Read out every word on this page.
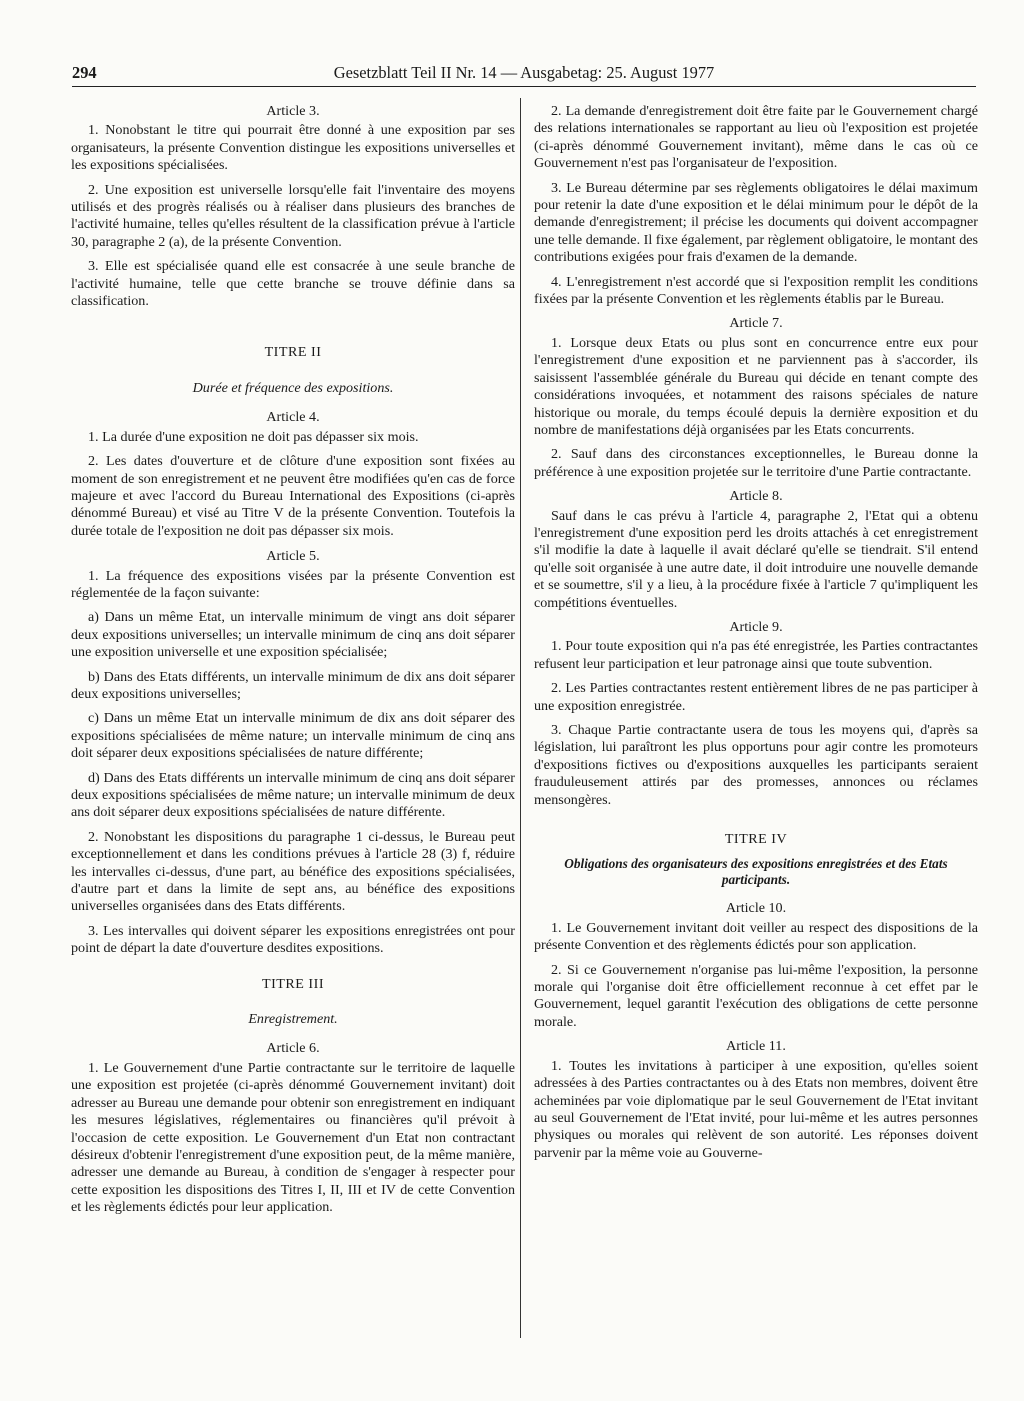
294	Gesetzblatt Teil II Nr. 14 — Ausgabetag: 25. August 1977
Article 3.

1. Nonobstant le titre qui pourrait être donné à une exposition par ses organisateurs, la présente Convention distingue les expositions universelles et les expositions spécialisées.

2. Une exposition est universelle lorsqu'elle fait l'inventaire des moyens utilisés et des progrès réalisés ou à réaliser dans plusieurs des branches de l'activité humaine, telles qu'elles résultent de la classification prévue à l'article 30, paragraphe 2 (a), de la présente Convention.

3. Elle est spécialisée quand elle est consacrée à une seule branche de l'activité humaine, telle que cette branche se trouve définie dans sa classification.

TITRE II
Durée et fréquence des expositions.
Article 4.

1. La durée d'une exposition ne doit pas dépasser six mois.

2. Les dates d'ouverture et de clôture d'une exposition sont fixées au moment de son enregistrement et ne peuvent être modifiées qu'en cas de force majeure et avec l'accord du Bureau International des Expositions (ci-après dénommé Bureau) et visé au Titre V de la présente Convention. Toutefois la durée totale de l'exposition ne doit pas dépasser six mois.

Article 5.

1. La fréquence des expositions visées par la présente Convention est réglementée de la façon suivante:

a) Dans un même Etat, un intervalle minimum de vingt ans doit séparer deux expositions universelles; un intervalle minimum de cinq ans doit séparer une exposition universelle et une exposition spécialisée;

b) Dans des Etats différents, un intervalle minimum de dix ans doit séparer deux expositions universelles;

c) Dans un même Etat un intervalle minimum de dix ans doit séparer des expositions spécialisées de même nature; un intervalle minimum de cinq ans doit séparer deux expositions spécialisées de nature différente;

d) Dans des Etats différents un intervalle minimum de cinq ans doit séparer deux expositions spécialisées de même nature; un intervalle minimum de deux ans doit séparer deux expositions spécialisées de nature différente.

2. Nonobstant les dispositions du paragraphe 1 ci-dessus, le Bureau peut exceptionnellement et dans les conditions prévues à l'article 28 (3) f, réduire les intervalles ci-dessus, d'une part, au bénéfice des expositions spécialisées, d'autre part et dans la limite de sept ans, au bénéfice des expositions universelles organisées dans des Etats différents.

3. Les intervalles qui doivent séparer les expositions enregistrées ont pour point de départ la date d'ouverture desdites expositions.

TITRE III
Enregistrement.
Article 6.

1. Le Gouvernement d'une Partie contractante sur le territoire de laquelle une exposition est projetée (ci-après dénommé Gouvernement invitant) doit adresser au Bureau une demande pour obtenir son enregistrement en indiquant les mesures législatives, réglementaires ou financières qu'il prévoit à l'occasion de cette exposition. Le Gouvernement d'un Etat non contractant désireux d'obtenir l'enregistrement d'une exposition peut, de la même manière, adresser une demande au Bureau, à condition de s'engager à respecter pour cette exposition les dispositions des Titres I, II, III et IV de cette Convention et les règlements édictés pour leur application.

2. La demande d'enregistrement doit être faite par le Gouvernement chargé des relations internationales se rapportant au lieu où l'exposition est projetée (ci-après dénommé Gouvernement invitant), même dans le cas où ce Gouvernement n'est pas l'organisateur de l'exposition.

3. Le Bureau détermine par ses règlements obligatoires le délai maximum pour retenir la date d'une exposition et le délai minimum pour le dépôt de la demande d'enregistrement; il précise les documents qui doivent accompagner une telle demande. Il fixe également, par règlement obligatoire, le montant des contributions exigées pour frais d'examen de la demande.

4. L'enregistrement n'est accordé que si l'exposition remplit les conditions fixées par la présente Convention et les règlements établis par le Bureau.

Article 7.

1. Lorsque deux Etats ou plus sont en concurrence entre eux pour l'enregistrement d'une exposition et ne parviennent pas à s'accorder, ils saisissent l'assemblée générale du Bureau qui décide en tenant compte des considérations invoquées, et notamment des raisons spéciales de nature historique ou morale, du temps écoulé depuis la dernière exposition et du nombre de manifestations déjà organisées par les Etats concurrents.

2. Sauf dans des circonstances exceptionnelles, le Bureau donne la préférence à une exposition projetée sur le territoire d'une Partie contractante.

Article 8.

Sauf dans le cas prévu à l'article 4, paragraphe 2, l'Etat qui a obtenu l'enregistrement d'une exposition perd les droits attachés à cet enregistrement s'il modifie la date à laquelle il avait déclaré qu'elle se tiendrait. S'il entend qu'elle soit organisée à une autre date, il doit introduire une nouvelle demande et se soumettre, s'il y a lieu, à la procédure fixée à l'article 7 qu'impliquent les compétitions éventuelles.

Article 9.

1. Pour toute exposition qui n'a pas été enregistrée, les Parties contractantes refusent leur participation et leur patronage ainsi que toute subvention.

2. Les Parties contractantes restent entièrement libres de ne pas participer à une exposition enregistrée.

3. Chaque Partie contractante usera de tous les moyens qui, d'après sa législation, lui paraîtront les plus opportuns pour agir contre les promoteurs d'expositions fictives ou d'expositions auxquelles les participants seraient frauduleusement attirés par des promesses, annonces ou réclames mensongères.

TITRE IV
Obligations des organisateurs des expositions enregistrées et des Etats participants.
Article 10.

1. Le Gouvernement invitant doit veiller au respect des dispositions de la présente Convention et des règlements édictés pour son application.

2. Si ce Gouvernement n'organise pas lui-même l'exposition, la personne morale qui l'organise doit être officiellement reconnue à cet effet par le Gouvernement, lequel garantit l'exécution des obligations de cette personne morale.

Article 11.

1. Toutes les invitations à participer à une exposition, qu'elles soient adressées à des Parties contractantes ou à des Etats non membres, doivent être acheminées par voie diplomatique par le seul Gouvernement de l'Etat invitant au seul Gouvernement de l'Etat invité, pour lui-même et les autres personnes physiques ou morales qui relèvent de son autorité. Les réponses doivent parvenir par la même voie au Gouverne-
